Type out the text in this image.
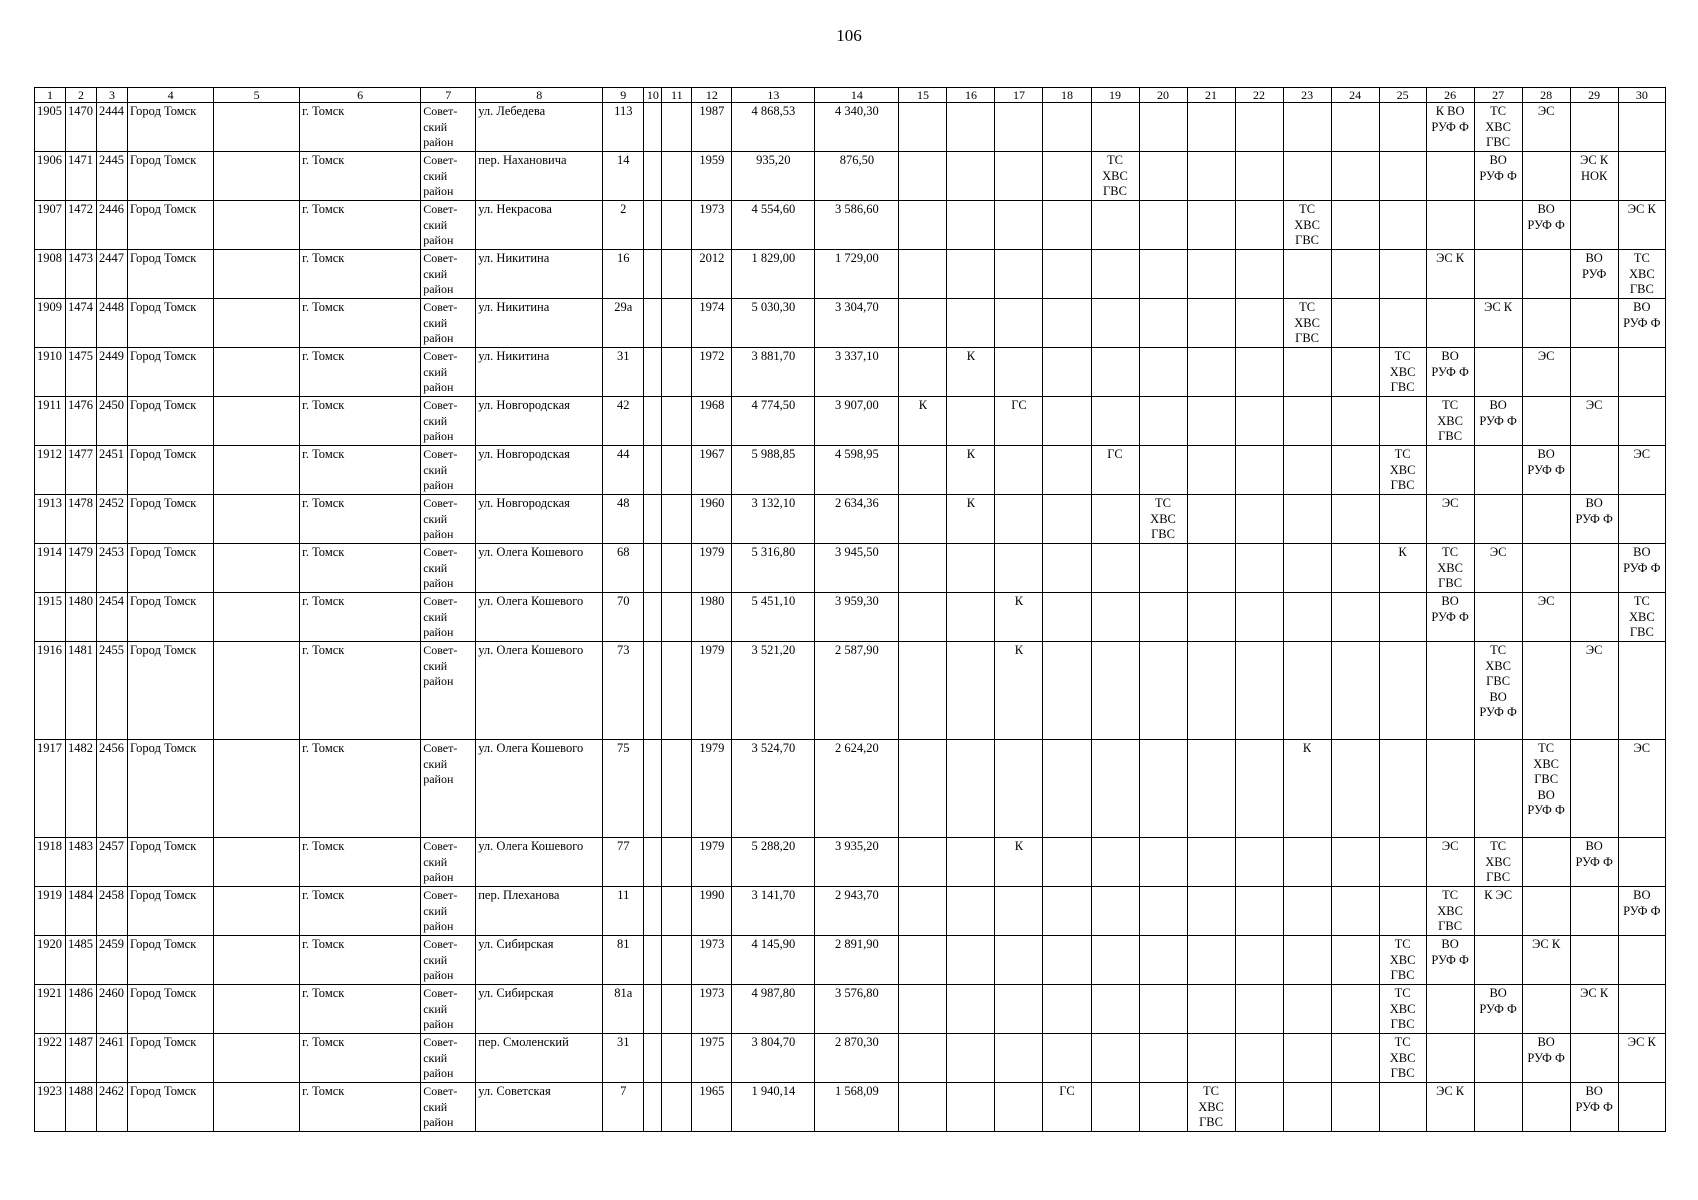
106
1	2	3	4	5	6	7	8	9	10	11	12	13	14	15	16	17	18	19	20	21	22	23	24	25	26	27	28	29	30
1905	1470	2444	Город Томск		г. Томск	Совет-
ский
район	ул. Лебедева	113			1987	4 868,53	4 340,30												К ВО
РУФ Ф	ТС
ХВС
ГВС	ЭС		

1906	1471	2445	Город Томск		г. Томск	Совет-
ский
район	пер. Нахановича	14			1959	935,20	876,50					ТС
ХВС
ГВС								ВО
РУФ Ф		ЭС К
НОК	

1907	1472	2446	Город Томск		г. Томск	Совет-
ский
район	ул. Некрасова	2			1973	4 554,60	3 586,60									ТС
ХВС
ГВС					ВО
РУФ Ф		ЭС К

1908	1473	2447	Город Томск		г. Томск	Совет-
ский
район	ул. Никитина	16			2012	1 829,00	1 729,00												ЭС К			ВО
РУФ	ТС
ХВС
ГВС

1909	1474	2448	Город Томск		г. Томск	Совет-
ский
район	ул. Никитина	29а			1974	5 030,30	3 304,70									ТС
ХВС
ГВС				ЭС К			ВО
РУФ Ф

1910	1475	2449	Город Томск		г. Томск	Совет-
ский
район	ул. Никитина	31			1972	3 881,70	3 337,10		К									ТС
ХВС
ГВС	ВО
РУФ Ф		ЭС		

1911	1476	2450	Город Томск		г. Томск	Совет-
ский
район	ул. Новгородская	42			1968	4 774,50	3 907,00	К		ГС									ТС
ХВС
ГВС	ВО
РУФ Ф		ЭС	

1912	1477	2451	Город Томск		г. Томск	Совет-
ский
район	ул. Новгородская	44			1967	5 988,85	4 598,95		К			ГС						ТС
ХВС
ГВС			ВО
РУФ Ф		ЭС

1913	1478	2452	Город Томск		г. Томск	Совет-
ский
район	ул. Новгородская	48			1960	3 132,10	2 634,36		К				ТС
ХВС
ГВС						ЭС			ВО
РУФ Ф	

1914	1479	2453	Город Томск		г. Томск	Совет-
ский
район	ул. Олега Кошевого	68			1979	5 316,80	3 945,50											К	ТС
ХВС
ГВС	ЭС			ВО
РУФ Ф

1915	1480	2454	Город Томск		г. Томск	Совет-
ский
район	ул. Олега Кошевого	70			1980	5 451,10	3 959,30			К									ВО
РУФ Ф		ЭС		ТС
ХВС
ГВС

1916	1481	2455	Город Томск		г. Томск	Совет-
ский
район	ул. Олега Кошевого	73			1979	3 521,20	2 587,90			К										ТС
ХВС
ГВС
ВО
РУФ Ф		ЭС	

1917	1482	2456	Город Томск		г. Томск	Совет-
ский
район	ул. Олега Кошевого	75			1979	3 524,70	2 624,20									К					ТС
ХВС
ГВС
ВО
РУФ Ф		ЭС

1918	1483	2457	Город Томск		г. Томск	Совет-
ский
район	ул. Олега Кошевого	77			1979	5 288,20	3 935,20			К									ЭС	ТС
ХВС
ГВС		ВО
РУФ Ф	

1919	1484	2458	Город Томск		г. Томск	Совет-
ский
район	пер. Плеханова	11			1990	3 141,70	2 943,70												ТС
ХВС
ГВС	К ЭС			ВО
РУФ Ф

1920	1485	2459	Город Томск		г. Томск	Совет-
ский
район	ул. Сибирская	81			1973	4 145,90	2 891,90											ТС
ХВС
ГВС	ВО
РУФ Ф		ЭС К		

1921	1486	2460	Город Томск		г. Томск	Совет-
ский
район	ул. Сибирская	81а			1973	4 987,80	3 576,80											ТС
ХВС
ГВС		ВО
РУФ Ф		ЭС К	

1922	1487	2461	Город Томск		г. Томск	Совет-
ский
район	пер. Смоленский	31			1975	3 804,70	2 870,30											ТС
ХВС
ГВС			ВО
РУФ Ф		ЭС К

1923	1488	2462	Город Томск		г. Томск	Совет-
ский
район	ул. Советская	7			1965	1 940,14	1 568,09				ГС			ТС
ХВС
ГВС					ЭС К			ВО
РУФ Ф	
